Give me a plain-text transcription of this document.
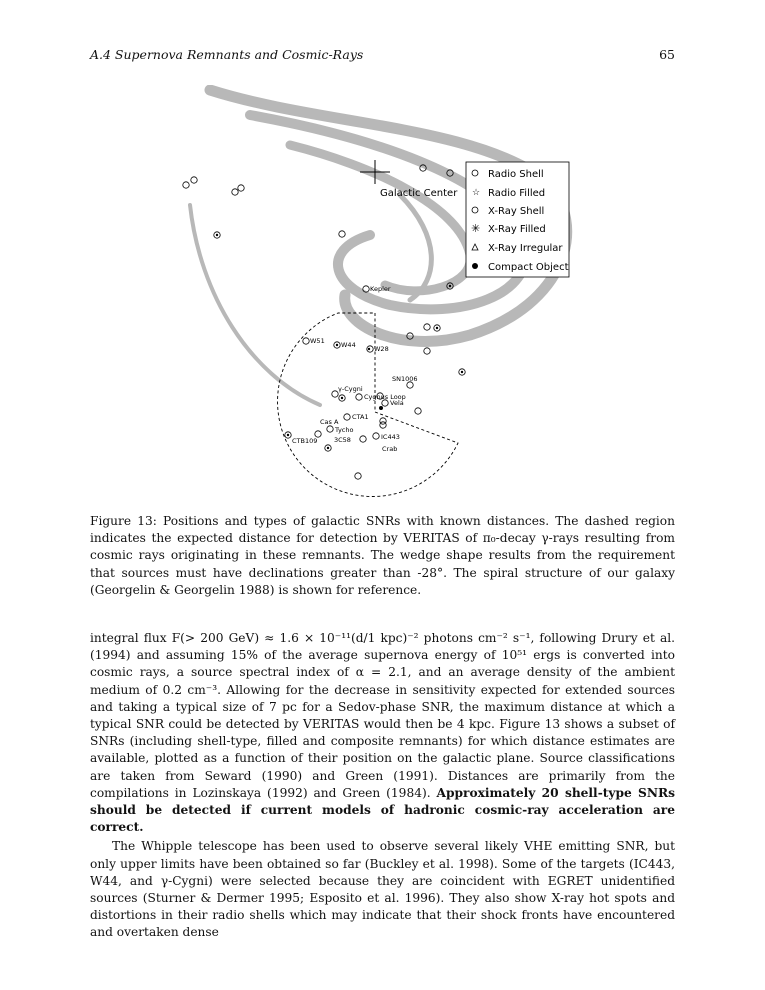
A.4 Supernova Remnants and Cosmic-Rays	65
Galactic Center
Radio Shell
☆ Radio Filled
X-Ray Shell
✳ X-Ray Filled
X-Ray Irregular
Compact Object
Kepler
W51	W44	W28
SN1006
γ-Cygni
Cygnus Loop
Vela
CTA1
Cas A
Tycho
CTB109	3C58	IC443
Crab
Figure 13: Positions and types of galactic SNRs with known distances. The dashed region indicates the expected distance for detection by VERITAS of π₀-decay γ-rays resulting from cosmic rays originating in these remnants. The wedge shape results from the requirement that sources must have declinations greater than -28°. The spiral structure of our galaxy (Georgelin & Georgelin 1988) is shown for reference.

integral flux F(> 200 GeV) ≈ 1.6 × 10⁻¹¹(d/1 kpc)⁻² photons cm⁻² s⁻¹, following Drury et al. (1994) and assuming 15% of the average supernova energy of 10⁵¹ ergs is converted into cosmic rays, a source spectral index of α = 2.1, and an average density of the ambient medium of 0.2 cm⁻³. Allowing for the decrease in sensitivity expected for extended sources and taking a typical size of 7 pc for a Sedov-phase SNR, the maximum distance at which a typical SNR could be detected by VERITAS would then be 4 kpc. Figure 13 shows a subset of SNRs (including shell-type, filled and composite remnants) for which distance estimates are available, plotted as a function of their position on the galactic plane. Source classifications are taken from Seward (1990) and Green (1991). Distances are primarily from the compilations in Lozinskaya (1992) and Green (1984). Approximately 20 shell-type SNRs should be detected if current models of hadronic cosmic-ray acceleration are correct.

The Whipple telescope has been used to observe several likely VHE emitting SNR, but only upper limits have been obtained so far (Buckley et al. 1998). Some of the targets (IC443, W44, and γ-Cygni) were selected because they are coincident with EGRET unidentified sources (Sturner & Dermer 1995; Esposito et al. 1996). They also show X-ray hot spots and distortions in their radio shells which may indicate that their shock fronts have encountered and overtaken dense
